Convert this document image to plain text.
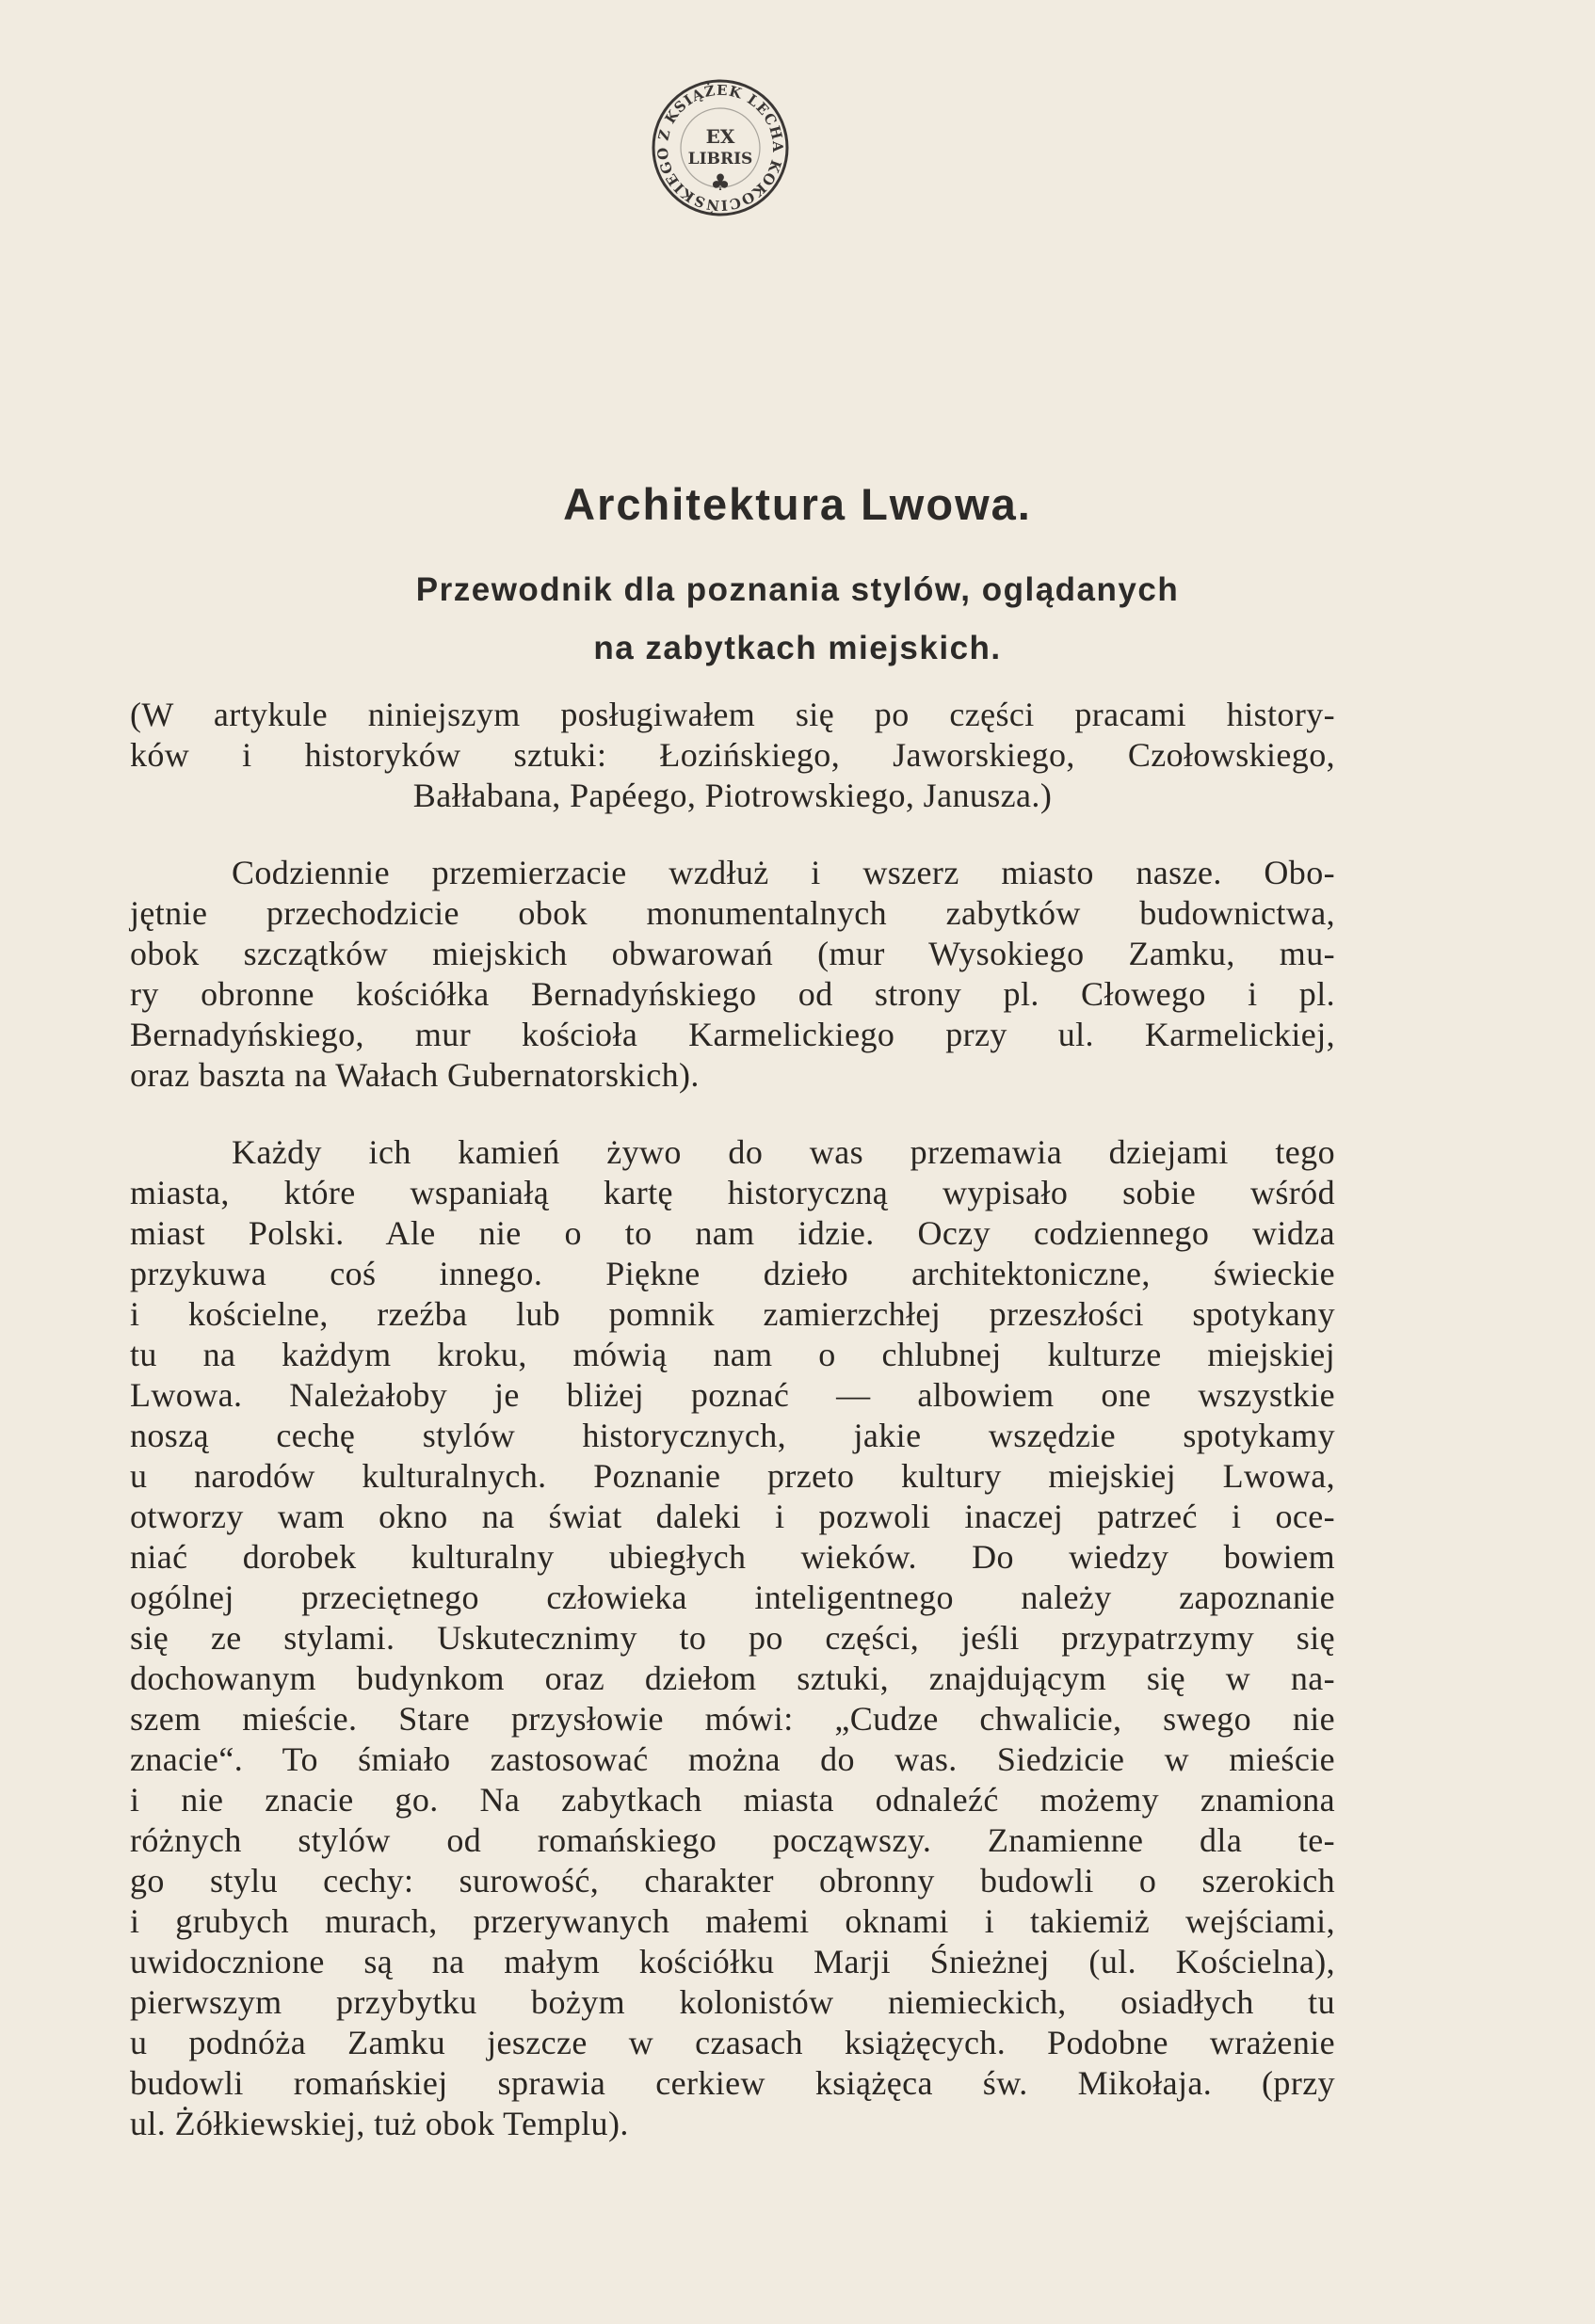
Z KSIĄŻEK LECHA KOKOCIŃSKIEGO
EX
LIBRIS
♣
Architektura Lwowa.
Przewodnik dla poznania stylów, oglądanych
na zabytkach miejskich.
(W artykule niniejszym posługiwałem się po części pracami history-
ków i historyków sztuki: Łozińskiego, Jaworskiego, Czołowskiego,
Bałłabana, Papéego, Piotrowskiego, Janusza.)
Codziennie przemierzacie wzdłuż i wszerz miasto nasze. Obo-
jętnie przechodzicie obok monumentalnych zabytków budownictwa,
obok szczątków miejskich obwarowań (mur Wysokiego Zamku, mu-
ry obronne kościółka Bernadyńskiego od strony pl. Cłowego i pl.
Bernadyńskiego, mur kościoła Karmelickiego przy ul. Karmelickiej,
oraz baszta na Wałach Gubernatorskich).
Każdy ich kamień żywo do was przemawia dziejami tego
miasta, które wspaniałą kartę historyczną wypisało sobie wśród
miast Polski. Ale nie o to nam idzie. Oczy codziennego widza
przykuwa coś innego. Piękne dzieło architektoniczne, świeckie
i kościelne, rzeźba lub pomnik zamierzchłej przeszłości spotykany
tu na każdym kroku, mówią nam o chlubnej kulturze miejskiej
Lwowa. Należałoby je bliżej poznać — albowiem one wszystkie
noszą cechę stylów historycznych, jakie wszędzie spotykamy
u narodów kulturalnych. Poznanie przeto kultury miejskiej Lwowa,
otworzy wam okno na świat daleki i pozwoli inaczej patrzeć i oce-
niać dorobek kulturalny ubiegłych wieków. Do wiedzy bowiem
ogólnej przeciętnego człowieka inteligentnego należy zapoznanie
się ze stylami. Uskutecznimy to po części, jeśli przypatrzymy się
dochowanym budynkom oraz dziełom sztuki, znajdującym się w na-
szem mieście. Stare przysłowie mówi: „Cudze chwalicie, swego nie
znacie“. To śmiało zastosować można do was. Siedzicie w mieście
i nie znacie go. Na zabytkach miasta odnaleźć możemy znamiona
różnych stylów od romańskiego począwszy. Znamienne dla te-
go stylu cechy: surowość, charakter obronny budowli o szerokich
i grubych murach, przerywanych małemi oknami i takiemiż wejściami,
uwidocznione są na małym kościółku Marji Śnieżnej (ul. Kościelna),
pierwszym przybytku bożym kolonistów niemieckich, osiadłych tu
u podnóża Zamku jeszcze w czasach książęcych. Podobne wrażenie
budowli romańskiej sprawia cerkiew książęca św. Mikołaja. (przy
ul. Żółkiewskiej, tuż obok Templu).
